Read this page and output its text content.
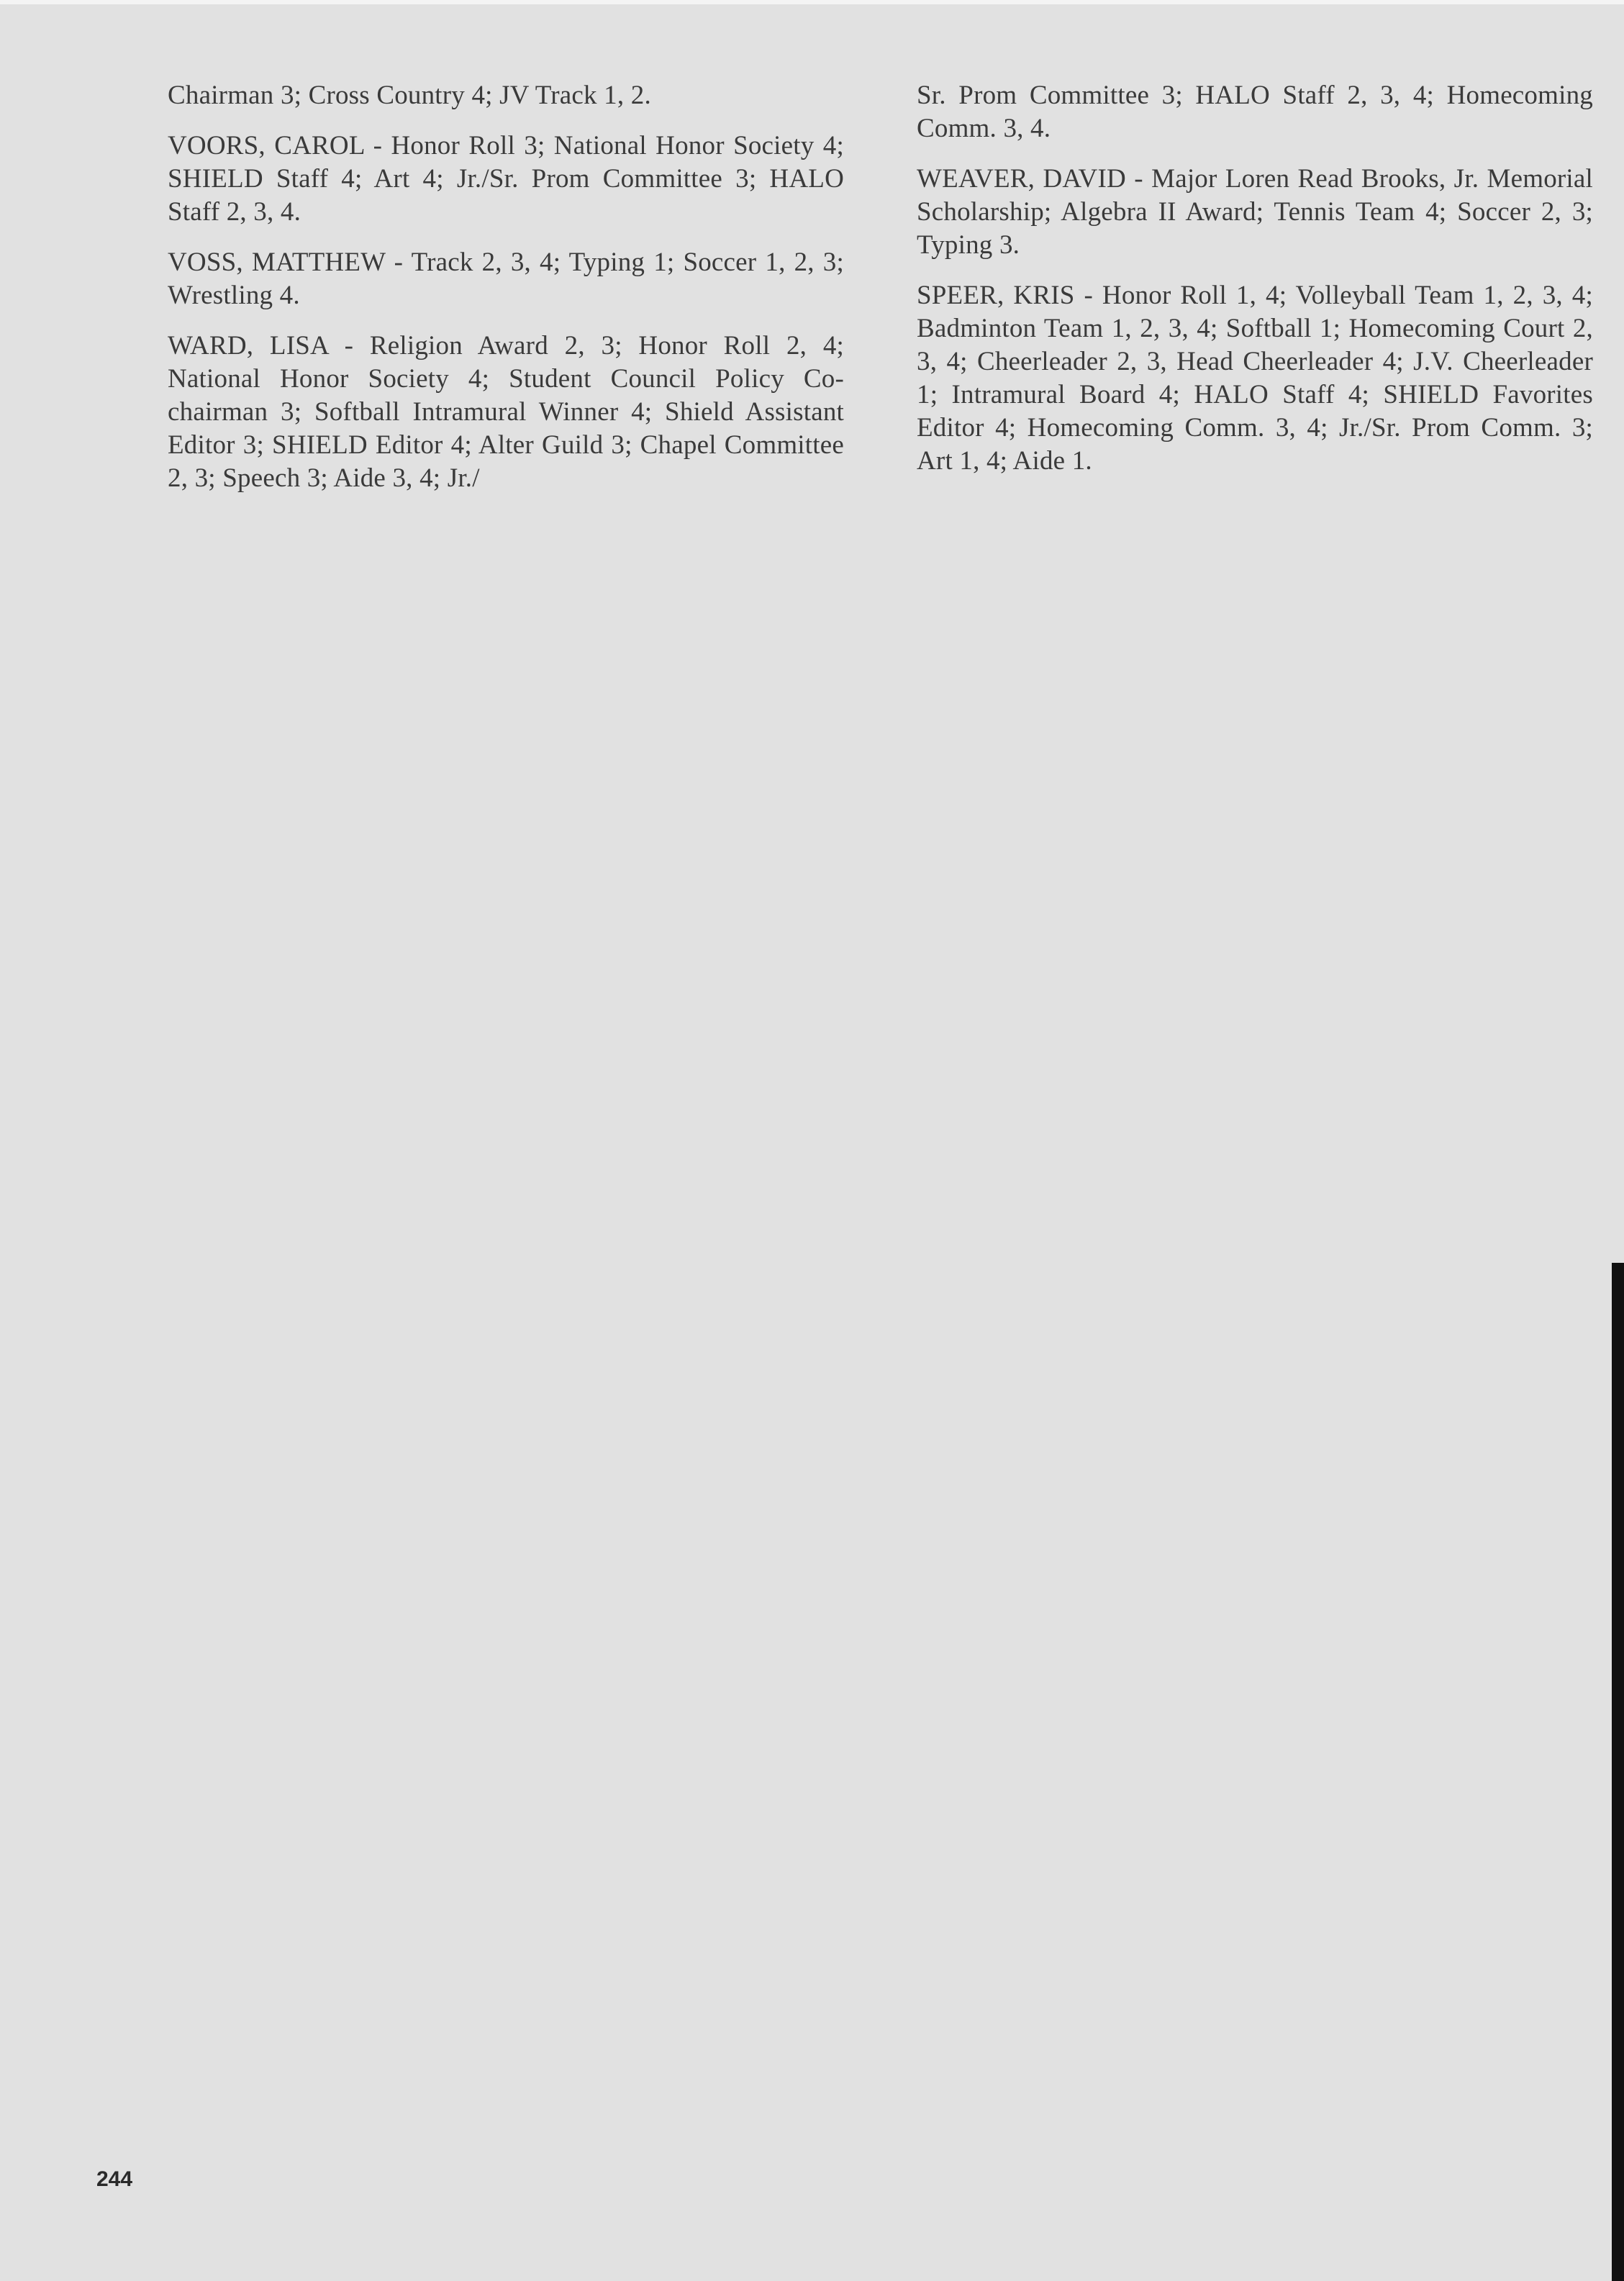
Chairman 3; Cross Country 4; JV Track 1, 2.

VOORS, CAROL - Honor Roll 3; National Honor Society 4; SHIELD Staff 4; Art 4; Jr./Sr. Prom Committee 3; HALO Staff 2, 3, 4.

VOSS, MATTHEW - Track 2, 3, 4; Typing 1; Soccer 1, 2, 3; Wrestling 4.

WARD, LISA - Religion Award 2, 3; Honor Roll 2, 4; National Honor Society 4; Student Council Policy Co-chairman 3; Softball Intramural Winner 4; Shield Assistant Editor 3; SHIELD Editor 4; Alter Guild 3; Chapel Committee 2, 3; Speech 3; Aide 3, 4; Jr./

Sr. Prom Committee 3; HALO Staff 2, 3, 4; Homecoming Comm. 3, 4.

WEAVER, DAVID - Major Loren Read Brooks, Jr. Memorial Scholarship; Algebra II Award; Tennis Team 4; Soccer 2, 3; Typing 3.

SPEER, KRIS - Honor Roll 1, 4; Volleyball Team 1, 2, 3, 4; Badminton Team 1, 2, 3, 4; Softball 1; Homecoming Court 2, 3, 4; Cheerleader 2, 3, Head Cheerleader 4; J.V. Cheerleader 1; Intramural Board 4; HALO Staff 4; SHIELD Favorites Editor 4; Homecoming Comm. 3, 4; Jr./Sr. Prom Comm. 3; Art 1, 4; Aide 1.

244
